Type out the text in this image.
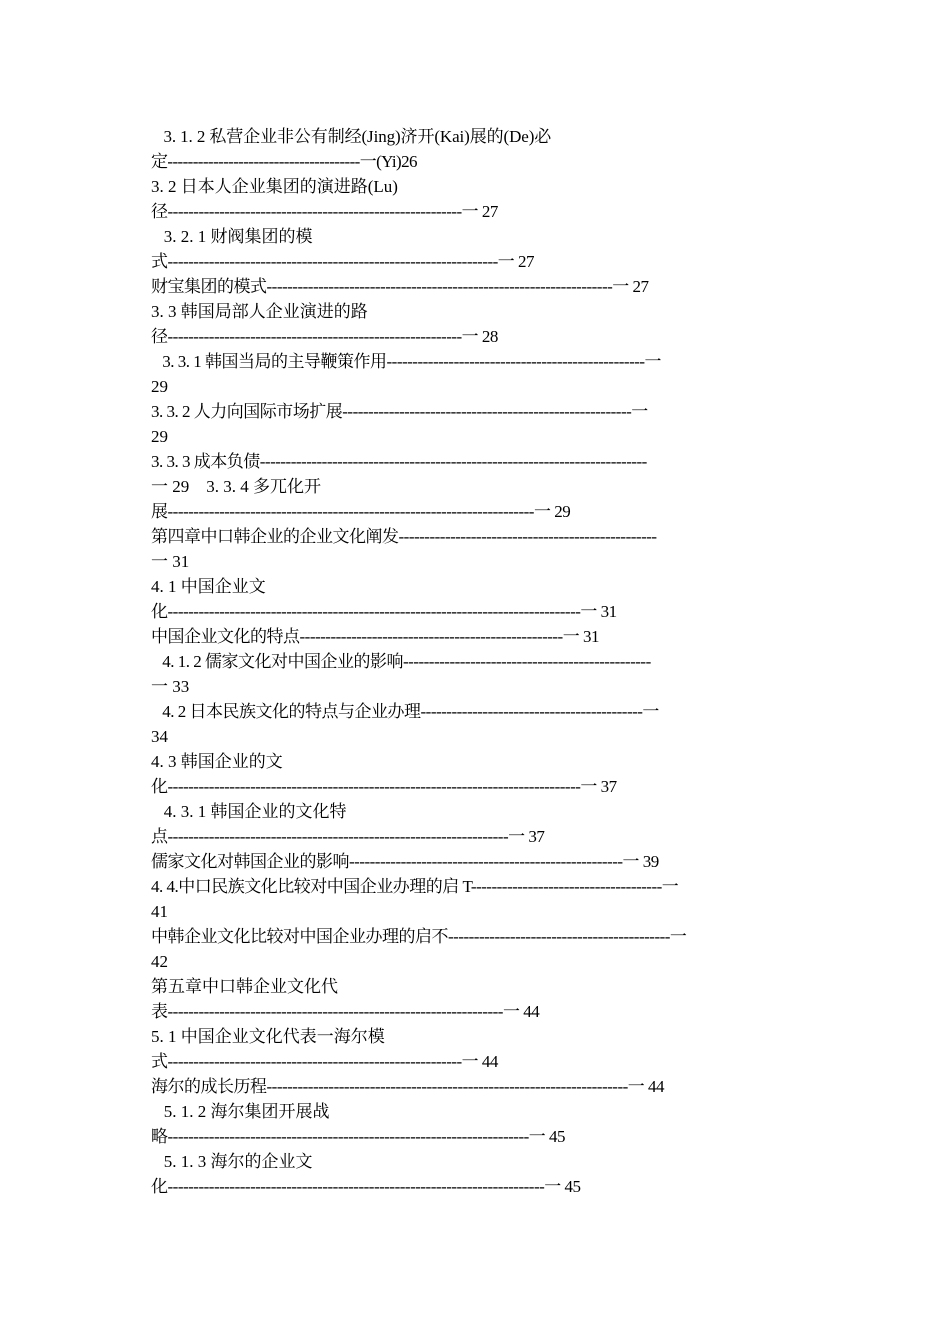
3. 1. 2 私营企业非公有制经(Jing)济开(Kai)展的(De)必
定--------------------------------------一(Yi)26
3. 2 日本人企业集团的演进路(Lu)
径---------------------------------------------------------一 27
3. 2. 1 财阀集团的模
式----------------------------------------------------------------一 27
财宝集团的模式-------------------------------------------------------------------一 27
3. 3 韩国局部人企业演进的路
径---------------------------------------------------------一 28
3. 3. 1 韩国当局的主导鞭策作用--------------------------------------------------一
29
3. 3. 2 人力向国际市场扩展--------------------------------------------------------一
29
3. 3. 3 成本负债---------------------------------------------------------------------------
一 29    3. 3. 4 多兀化开
展-----------------------------------------------------------------------一 29
第四章中口韩企业的企业文化阐发--------------------------------------------------
一 31
4. 1 中国企业文
化--------------------------------------------------------------------------------一 31
中国企业文化的特点---------------------------------------------------一 31
4. 1. 2 儒家文化对中国企业的影响------------------------------------------------
一 33
4. 2 日本民族文化的特点与企业办理-------------------------------------------一
34
4. 3 韩国企业的文
化--------------------------------------------------------------------------------一 37
4. 3. 1 韩国企业的文化特
点------------------------------------------------------------------一 37
儒家文化对韩国企业的影响-----------------------------------------------------一 39
4. 4.中口民族文化比较对中国企业办理的启 T-------------------------------------一
41
中韩企业文化比较对中国企业办理的启不-------------------------------------------一
42
第五章中口韩企业文化代
表-----------------------------------------------------------------一 44
5. 1 中国企业文化代表一海尔模
式---------------------------------------------------------一 44
海尔的成长历程----------------------------------------------------------------------一 44
5. 1. 2 海尔集团开展战
略----------------------------------------------------------------------一 45
5. 1. 3 海尔的企业文
化-------------------------------------------------------------------------一 45
